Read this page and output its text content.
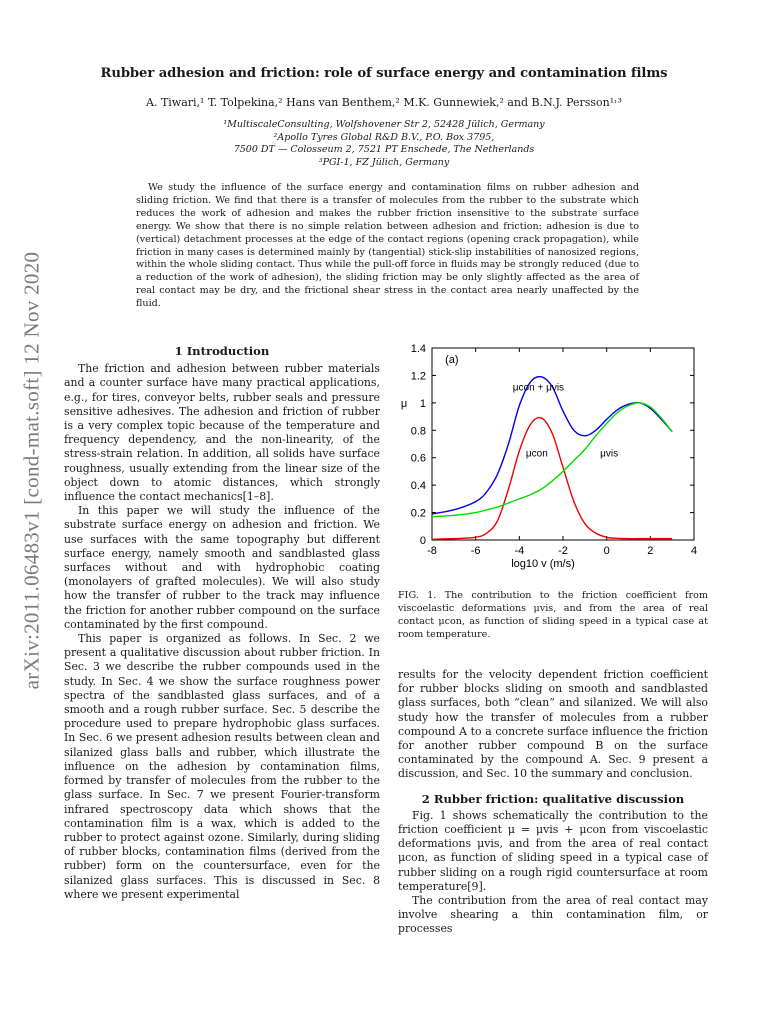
arXiv:2011.06483v1 [cond-mat.soft] 12 Nov 2020
Rubber adhesion and friction: role of surface energy and contamination films
A. Tiwari,¹ T. Tolpekina,² Hans van Benthem,² M.K. Gunnewiek,² and B.N.J. Persson¹˒³
¹MultiscaleConsulting, Wolfshovener Str 2, 52428 Jülich, Germany
²Apollo Tyres Global R&D B.V., P.O. Box 3795,
7500 DT — Colosseum 2, 7521 PT Enschede, The Netherlands
³PGI-1, FZ Jülich, Germany

We study the influence of the surface energy and contamination films on rubber adhesion and sliding friction. We find that there is a transfer of molecules from the rubber to the substrate which reduces the work of adhesion and makes the rubber friction insensitive to the substrate surface energy. We show that there is no simple relation between adhesion and friction: adhesion is due to (vertical) detachment processes at the edge of the contact regions (opening crack propagation), while friction in many cases is determined mainly by (tangential) stick-slip instabilities of nanosized regions, within the whole sliding contact. Thus while the pull-off force in fluids may be strongly reduced (due to a reduction of the work of adhesion), the sliding friction may be only slightly affected as the area of real contact may be dry, and the frictional shear stress in the contact area nearly unaffected by the fluid.

1 Introduction

The friction and adhesion between rubber materials and a counter surface have many practical applications, e.g., for tires, conveyor belts, rubber seals and pressure sensitive adhesives. The adhesion and friction of rubber is a very complex topic because of the temperature and frequency dependency, and the non-linearity, of the stress-strain relation. In addition, all solids have surface roughness, usually extending from the linear size of the object down to atomic distances, which strongly influence the contact mechanics[1–8].

In this paper we will study the influence of the substrate surface energy on adhesion and friction. We use surfaces with the same topography but different surface energy, namely smooth and sandblasted glass surfaces without and with hydrophobic coating (monolayers of grafted molecules). We will also study how the transfer of rubber to the track may influence the friction for another rubber compound on the surface contaminated by the first compound.

This paper is organized as follows. In Sec. 2 we present a qualitative discussion about rubber friction. In Sec. 3 we describe the rubber compounds used in the study. In Sec. 4 we show the surface roughness power spectra of the sandblasted glass surfaces, and of a smooth and a rough rubber surface. Sec. 5 describe the procedure used to prepare hydrophobic glass surfaces. In Sec. 6 we present adhesion results between clean and silanized glass balls and rubber, which illustrate the influence on the adhesion by contamination films, formed by transfer of molecules from the rubber to the glass surface. In Sec. 7 we present Fourier-transform infrared spectroscopy data which shows that the contamination film is a wax, which is added to the rubber to protect against ozone. Similarly, during sliding of rubber blocks, contamination films (derived from the rubber) form on the countersurface, even for the silanized glass surfaces. This is discussed in Sec. 8 where we present experimental

-8	-6	-4	-2	0	2	4
0
0.2
0.4
0.6
0.8
1
1.2
1.4
log10 v (m/s)
μ
(a)
μcon + μvis
μcon	μvis
FIG. 1. The contribution to the friction coefficient from viscoelastic deformations μvis, and from the area of real contact μcon, as function of sliding speed in a typical case at room temperature.

results for the velocity dependent friction coefficient for rubber blocks sliding on smooth and sandblasted glass surfaces, both “clean” and silanized. We will also study how the transfer of molecules from a rubber compound A to a concrete surface influence the friction for another rubber compound B on the surface contaminated by the compound A. Sec. 9 present a discussion, and Sec. 10 the summary and conclusion.

2 Rubber friction: qualitative discussion

Fig. 1 shows schematically the contribution to the friction coefficient μ = μvis + μcon from viscoelastic deformations μvis, and from the area of real contact μcon, as function of sliding speed in a typical case of rubber sliding on a rough rigid countersurface at room temperature[9].

The contribution from the area of real contact may involve shearing a thin contamination film, or processes
